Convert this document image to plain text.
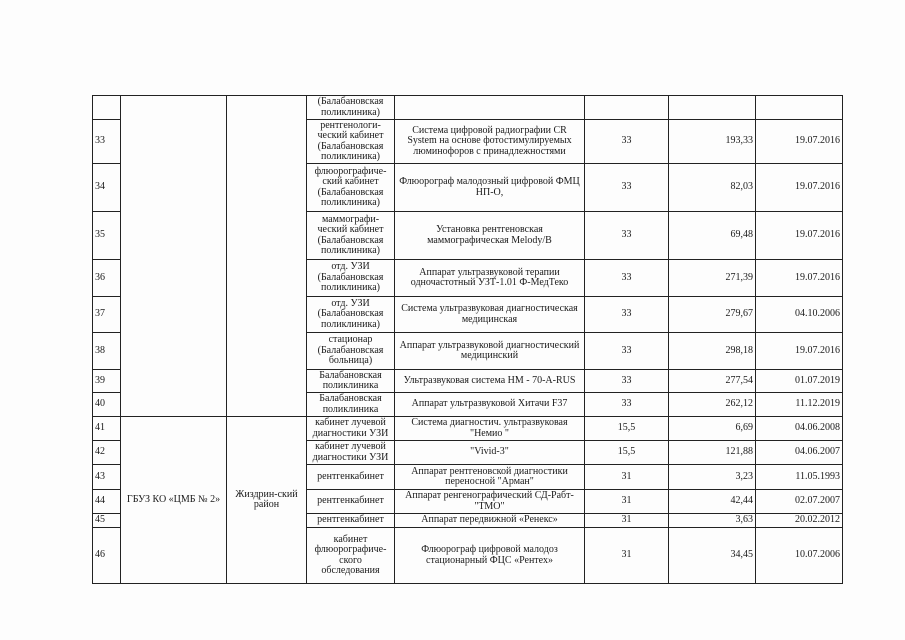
			(Балабановская поликлиника)				
33			рентгенологи-ческий кабинет (Балабановская поликлиника)	Система цифровой радиографии CR System на основе фотостимулируемых люминофоров с принадлежностями	33	193,33	19.07.2016
34			флюорографиче-ский кабинет (Балабановская поликлиника)	Флюорограф малодозный цифровой ФМЦ НП-О,	33	82,03	19.07.2016
35			маммографи-ческий кабинет (Балабановская поликлиника)	Установка рентгеновская маммографическая Melody/B	33	69,48	19.07.2016
36			отд. УЗИ (Балабановская поликлиника)	Аппарат ультразвуковой терапии одночастотный УЗТ-1.01 Ф-МедТеко	33	271,39	19.07.2016
37			отд. УЗИ (Балабановская поликлиника)	Система ультразвуковая диагностическая медицинская	33	279,67	04.10.2006
38			стационар (Балабановская больница)	Аппарат ультразвуковой диагностический медицинский	33	298,18	19.07.2016
39			Балабановская поликлиника	Ультразвуковая система НМ - 70-A-RUS	33	277,54	01.07.2019
40			Балабановская поликлиника	Аппарат ультразвуковой Хитачи F37	33	262,12	11.12.2019
41	ГБУЗ КО «ЦМБ № 2»	Жиздрин-ский район	кабинет лучевой диагностики УЗИ	Система диагностич. ультразвуковая "Немио "	15,5	6,69	04.06.2008
42			кабинет лучевой диагностики УЗИ	"Vivid-3"	15,5	121,88	04.06.2007
43			рентгенкабинет	Аппарат рентгеновской диагностики переносной "Арман"	31	3,23	11.05.1993
44			рентгенкабинет	Аппарат ренгенографический СД-Рабт-"ТМО"	31	42,44	02.07.2007
45			рентгенкабинет	Аппарат передвижной «Ренекс»	31	3,63	20.02.2012
46			кабинет флюорографиче-ского обследования	Флюорограф цифровой малодоз стационарный ФЦС «Рентех»	31	34,45	10.07.2006
